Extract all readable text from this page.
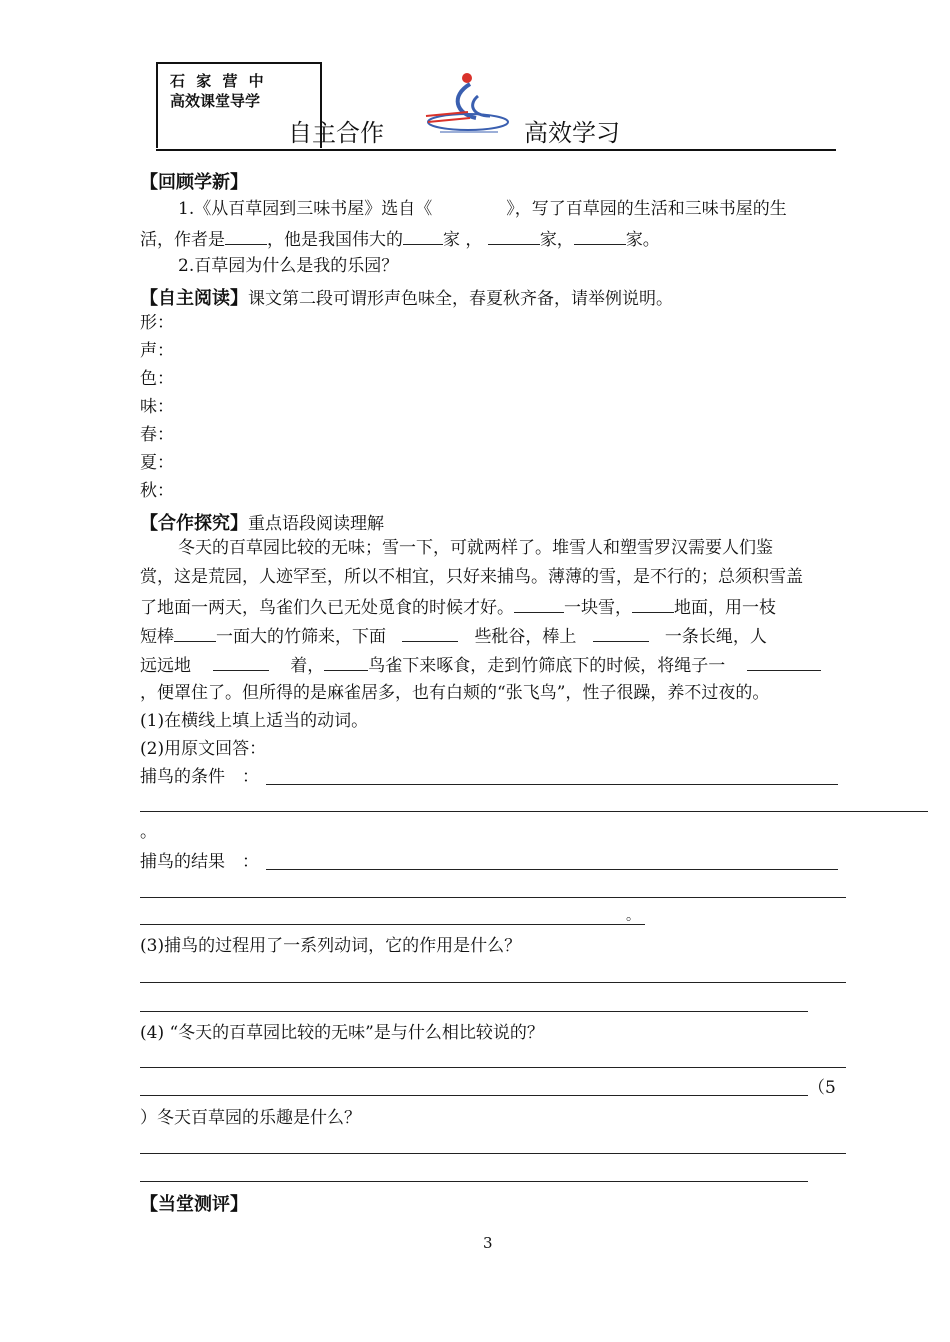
石 家 营 中
高效课堂导学
自主合作	高效学习
【回顾学新】
1.《从百草园到三味书屋》选自《	》，写了百草园的生活和三味书屋的生
活，作者是 ，他是我国伟大的 家 ，	家，	家。
2.百草园为什么是我的乐园？
【自主阅读】课文第二段可谓形声色味全，春夏秋齐备，请举例说明。
形：
声：
色：
味：
春：
夏：
秋：
【合作探究】重点语段阅读理解
冬天的百草园比较的无味；雪一下，可就两样了。堆雪人和塑雪罗汉需要人们鉴
赏，这是荒园，人迹罕至，所以不相宜，只好来捕鸟。薄薄的雪，是不行的；总须积雪盖
了地面一两天，鸟雀们久已无处觅食的时候才好。	一块雪， 地面，用一枝
短棒 一面大的竹筛来，下面	些秕谷，棒上	一条长绳，人
远远地	着，	鸟雀下来啄食，走到竹筛底下的时候，将绳子一
，便罩住了。但所得的是麻雀居多，也有白颊的“张飞鸟”，性子很躁，养不过夜的。
(1)在横线上填上适当的动词。
(2)用原文回答：
捕鸟的条件　：
。
捕鸟的结果　：
。
(3)捕鸟的过程用了一系列动词，它的作用是什么？
(4) “冬天的百草园比较的无味”是与什么相比较说的？
（5
）冬天百草园的乐趣是什么？
【当堂测评】
3
